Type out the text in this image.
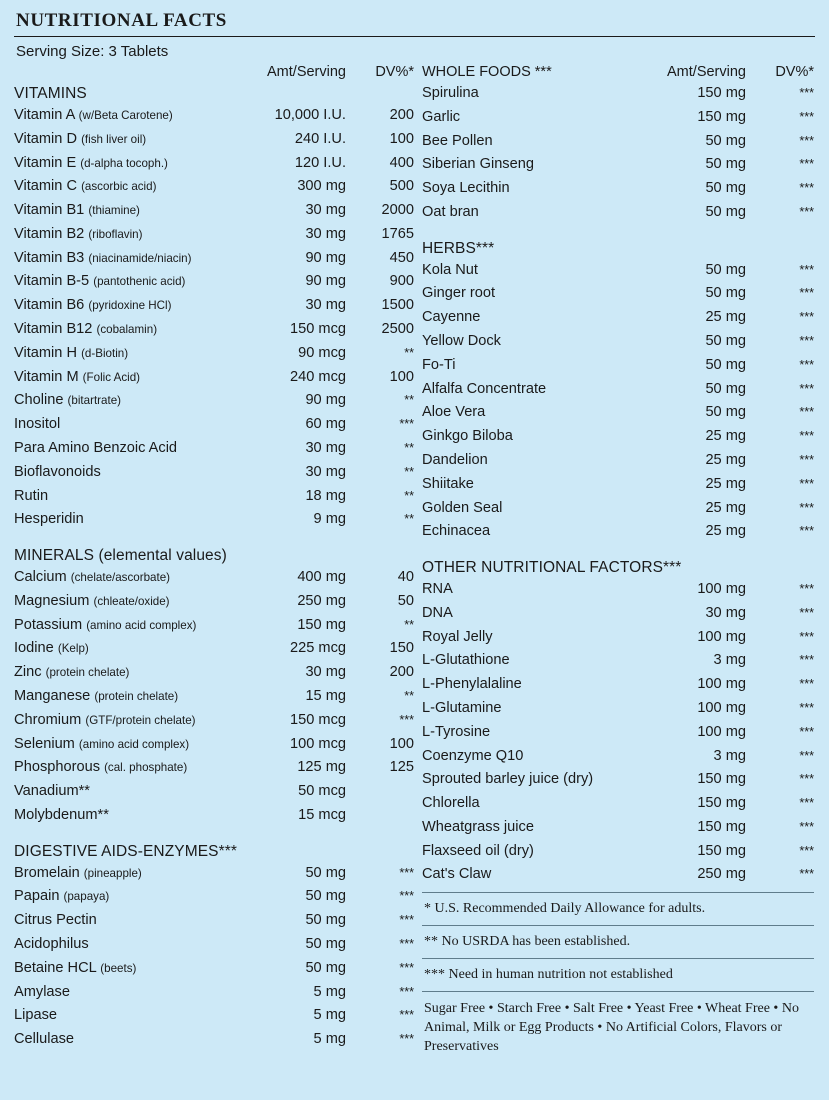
NUTRITIONAL FACTS
Serving Size: 3 Tablets
Amt/Serving	DV%*
VITAMINS
Vitamin A (w/Beta Carotene)	10,000 I.U.	200
Vitamin D (fish liver oil)	240 I.U.	100
Vitamin E (d-alpha tocoph.)	120 I.U.	400
Vitamin C (ascorbic acid)	300 mg	500
Vitamin B1 (thiamine)	30 mg	2000
Vitamin B2 (riboflavin)	30 mg	1765
Vitamin B3 (niacinamide/niacin)	90 mg	450
Vitamin B-5 (pantothenic acid)	90 mg	900
Vitamin B6 (pyridoxine HCl)	30 mg	1500
Vitamin B12 (cobalamin)	150 mcg	2500
Vitamin H (d-Biotin)	90 mcg	**
Vitamin M (Folic Acid)	240 mcg	100
Choline (bitartrate)	90 mg	**
Inositol	60 mg	***
Para Amino Benzoic Acid	30 mg	**
Bioflavonoids	30 mg	**
Rutin	18 mg	**
Hesperidin	9 mg	**
MINERALS (elemental values)
Calcium (chelate/ascorbate)	400 mg	40
Magnesium (chleate/oxide)	250 mg	50
Potassium (amino acid complex)	150 mg	**
Iodine (Kelp)	225 mcg	150
Zinc (protein chelate)	30 mg	200
Manganese (protein chelate)	15 mg	**
Chromium (GTF/protein chelate)	150 mcg	***
Selenium (amino acid complex)	100 mcg	100
Phosphorous (cal. phosphate)	125 mg	125
Vanadium**	50 mcg
Molybdenum**	15 mcg
DIGESTIVE AIDS-ENZYMES***
Bromelain (pineapple)	50 mg	***
Papain (papaya)	50 mg	***
Citrus Pectin	50 mg	***
Acidophilus	50 mg	***
Betaine HCL (beets)	50 mg	***
Amylase	5 mg	***
Lipase	5 mg	***
Cellulase	5 mg	***
WHOLE FOODS ***	Amt/Serving	DV%*
Spirulina	150 mg	***
Garlic	150 mg	***
Bee Pollen	50 mg	***
Siberian Ginseng	50 mg	***
Soya Lecithin	50 mg	***
Oat bran	50 mg	***
HERBS***
Kola Nut	50 mg	***
Ginger root	50 mg	***
Cayenne	25 mg	***
Yellow Dock	50 mg	***
Fo-Ti	50 mg	***
Alfalfa Concentrate	50 mg	***
Aloe Vera	50 mg	***
Ginkgo Biloba	25 mg	***
Dandelion	25 mg	***
Shiitake	25 mg	***
Golden Seal	25 mg	***
Echinacea	25 mg	***
OTHER NUTRITIONAL FACTORS***
RNA	100 mg	***
DNA	30 mg	***
Royal Jelly	100 mg	***
L-Glutathione	3 mg	***
L-Phenylalaline	100 mg	***
L-Glutamine	100 mg	***
L-Tyrosine	100 mg	***
Coenzyme Q10	3 mg	***
Sprouted barley juice (dry)	150 mg	***
Chlorella	150 mg	***
Wheatgrass juice	150 mg	***
Flaxseed oil (dry)	150 mg	***
Cat's Claw	250 mg	***
* U.S. Recommended Daily Allowance for adults.
** No USRDA has been established.
*** Need in human nutrition not established
Sugar Free • Starch Free • Salt Free • Yeast Free • Wheat Free • No Animal, Milk or Egg Products • No Artificial Colors, Flavors or Preservatives
